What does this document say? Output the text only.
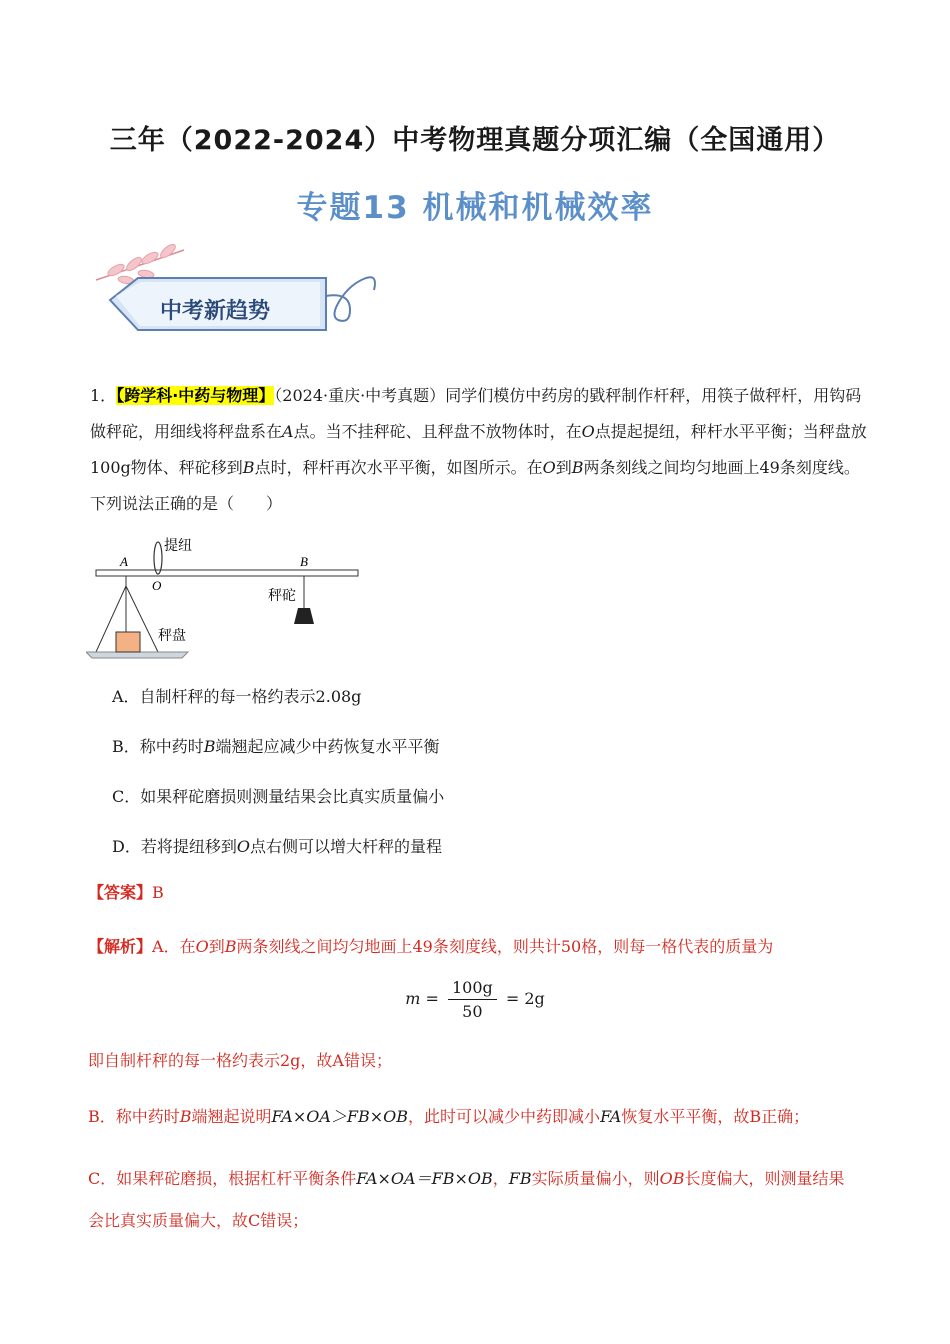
三年（2022-2024）中考物理真题分项汇编（全国通用）
专题13 机械和机械效率
中考新趋势
1．【跨学科·中药与物理】（2024·重庆·中考真题）同学们模仿中药房的戥秤制作杆秤，用筷子做秤杆，用钩码做秤砣，用细线将秤盘系在A点。当不挂秤砣、且秤盘不放物体时，在O点提起提纽，秤杆水平平衡；当秤盘放100g物体、秤砣移到B点时，秤杆再次水平平衡，如图所示。在O到B两条刻线之间均匀地画上49条刻度线。下列说法正确的是（　　）
A
O
B
提纽
秤砣
秤盘
A．自制杆秤的每一格约表示2.08g
B．称中药时B端翘起应减少中药恢复水平平衡
C．如果秤砣磨损则测量结果会比真实质量偏小
D．若将提纽移到O点右侧可以增大杆秤的量程
【答案】B
【解析】A．在O到B两条刻线之间均匀地画上49条刻度线，则共计50格，则每一格代表的质量为
$m = \frac{100g}{50} = 2g$
即自制杆秤的每一格约表示2g，故A错误；
B．称中药时B端翘起说明FA×OA＞FB×OB，此时可以减少中药即减小FA恢复水平平衡，故B正确；
C．如果秤砣磨损，根据杠杆平衡条件FA×OA＝FB×OB，FB实际质量偏小，则OB长度偏大，则测量结果
会比真实质量偏大，故C错误；
